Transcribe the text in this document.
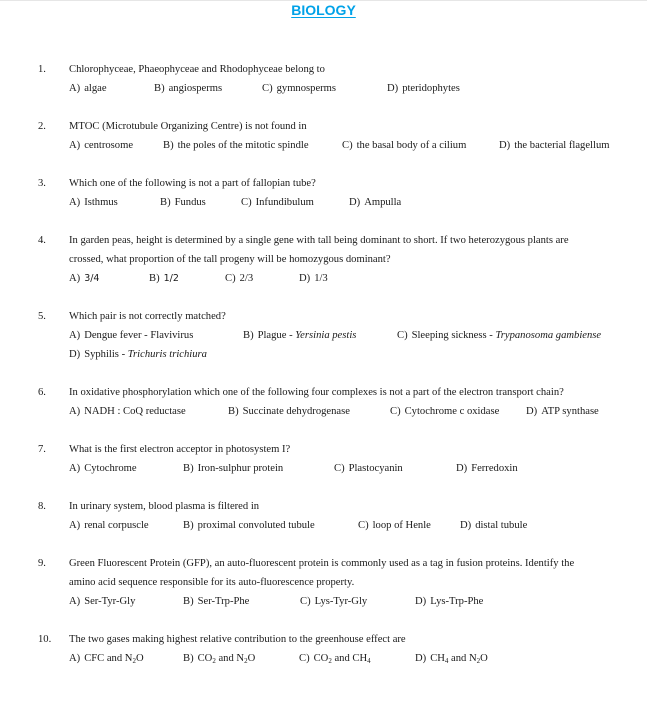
BIOLOGY
1. Chlorophyceae, Phaeophyceae and Rhodophyceae belong to
A) algae	B) angiosperms	C) gymnosperms	D) pteridophytes
2. MTOC (Microtubule Organizing Centre) is not found in
A) centrosome	B) the poles of the mitotic spindle	C) the basal body of a cilium	D) the bacterial flagellum
3. Which one of the following is not a part of fallopian tube?
A) Isthmus	B) Fundus	C) Infundibulum	D) Ampulla
4. In garden peas, height is determined by a single gene with tall being dominant to short. If two heterozygous plants are
crossed, what proportion of the tall progeny will be homozygous dominant?
A) 3/4	B) 1/2	C) 2/3	D) 1/3
5. Which pair is not correctly matched?
A) Dengue fever - Flavivirus	B) Plague - Yersinia pestis	C) Sleeping sickness - Trypanosoma gambiense
D) Syphilis - Trichuris trichiura
6. In oxidative phosphorylation which one of the following four complexes is not a part of the electron transport chain?
A) NADH : CoQ reductase	B) Succinate dehydrogenase	C) Cytochrome c oxidase	D) ATP synthase
7. What is the first electron acceptor in photosystem I?
A) Cytochrome	B) Iron-sulphur protein	C) Plastocyanin	D) Ferredoxin
8. In urinary system, blood plasma is filtered in
A) renal corpuscle	B) proximal convoluted tubule	C) loop of Henle	D) distal tubule
9. Green Fluorescent Protein (GFP), an auto-fluorescent protein is commonly used as a tag in fusion proteins. Identify the
amino acid sequence responsible for its auto-fluorescence property.
A) Ser-Tyr-Gly	B) Ser-Trp-Phe	C) Lys-Tyr-Gly	D) Lys-Trp-Phe
10. The two gases making highest relative contribution to the greenhouse effect are
A) CFC and $N_2O$	B) $CO_2$ and $N_2O$	C) $CO_2$ and $CH_4$	D) $CH_4$ and $N_2O$
